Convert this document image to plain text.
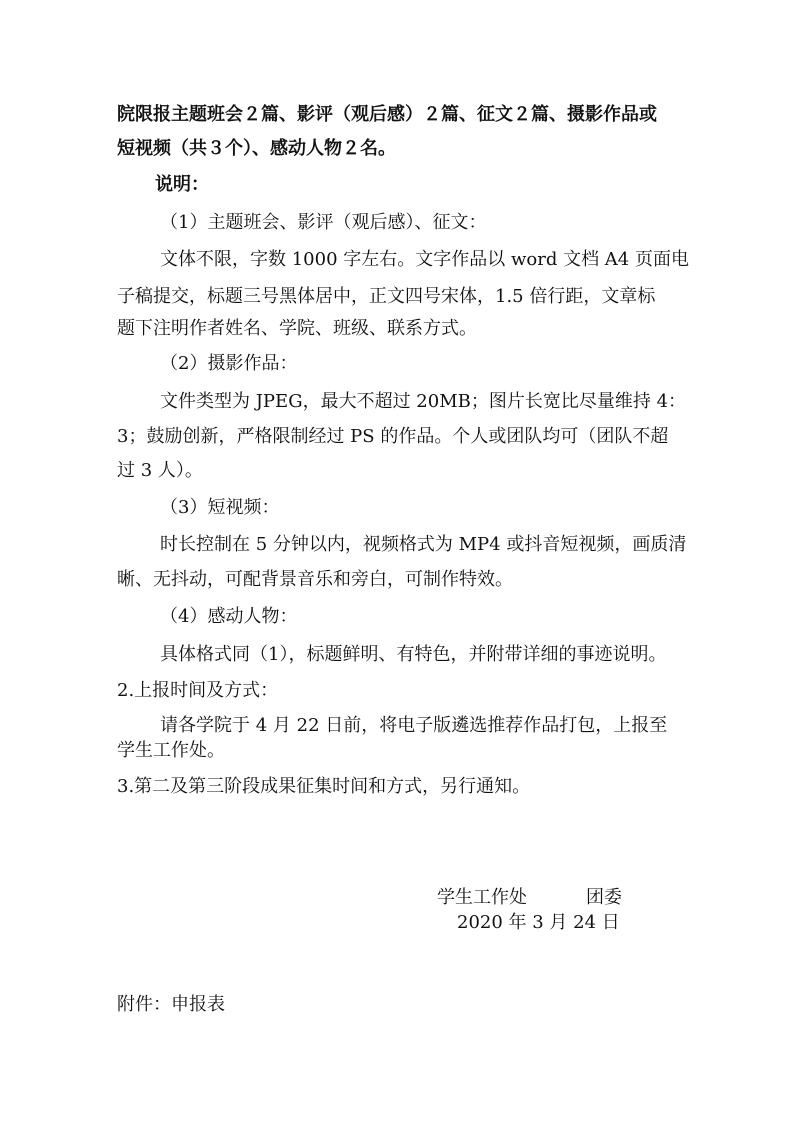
院限报主题班会２篇、影评（观后感）２篇、征文２篇、摄影作品或
短视频（共３个）、感动人物２名。
说明：
（1）主题班会、影评（观后感）、征文：
文体不限，字数 1000 字左右。文字作品以 word 文档 A4 页面电
子稿提交，标题三号黑体居中，正文四号宋体，1.5 倍行距，文章标
题下注明作者姓名、学院、班级、联系方式。
（2）摄影作品：
文件类型为 JPEG，最大不超过 20MB；图片长宽比尽量维持 4：
3；鼓励创新，严格限制经过 PS 的作品。个人或团队均可（团队不超
过 3 人）。
（3）短视频：
时长控制在 5 分钟以内，视频格式为 MP4 或抖音短视频，画质清
晰、无抖动，可配背景音乐和旁白，可制作特效。
（4）感动人物：
具体格式同（1），标题鲜明、有特色，并附带详细的事迹说明。
2.上报时间及方式：
请各学院于 4 月 22 日前，将电子版遴选推荐作品打包，上报至
学生工作处。
3.第二及第三阶段成果征集时间和方式，另行通知。
学生工作处	团委
2020 年 3 月 24 日
附件：申报表
